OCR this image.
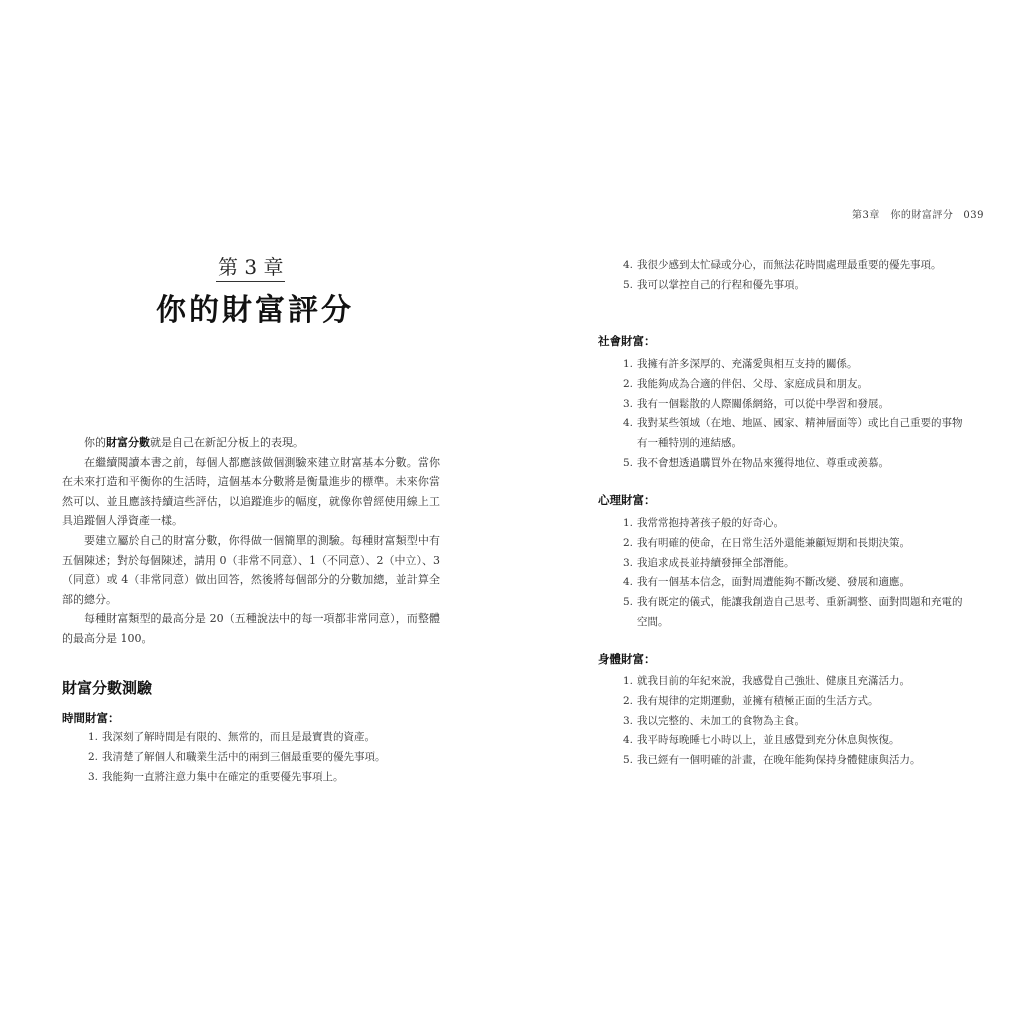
第 3 章
你的財富評分

你的財富分數就是自己在新記分板上的表現。

在繼續閱讀本書之前，每個人都應該做個測驗來建立財富基本分數。當你在未來打造和平衡你的生活時，這個基本分數將是衡量進步的標準。未來你當然可以、並且應該持續這些評估，以追蹤進步的幅度，就像你曾經使用線上工具追蹤個人淨資產一樣。

要建立屬於自己的財富分數，你得做一個簡單的測驗。每種財富類型中有五個陳述；對於每個陳述，請用 0（非常不同意）、1（不同意）、2（中立）、3（同意）或 4（非常同意）做出回答，然後將每個部分的分數加總，並計算全部的總分。

每種財富類型的最高分是 20（五種說法中的每一項都非常同意），而整體的最高分是 100。

財富分數測驗
時間財富：
1. 我深刻了解時間是有限的、無常的，而且是最寶貴的資產。
2. 我清楚了解個人和職業生活中的兩到三個最重要的優先事項。
3. 我能夠一直將注意力集中在確定的重要優先事項上。
第3章　你的財富評分 039
4. 我很少感到太忙碌或分心，而無法花時間處理最重要的優先事項。
5. 我可以掌控自己的行程和優先事項。
社會財富：
1. 我擁有許多深厚的、充滿愛與相互支持的關係。
2. 我能夠成為合適的伴侶、父母、家庭成員和朋友。
3. 我有一個鬆散的人際關係網絡，可以從中學習和發展。
4. 我對某些領域（在地、地區、國家、精神層面等）或比自己重要的事物有一種特別的連結感。
5. 我不會想透過購買外在物品來獲得地位、尊重或羨慕。
心理財富：
1. 我常常抱持著孩子般的好奇心。
2. 我有明確的使命，在日常生活外還能兼顧短期和長期決策。
3. 我追求成長並持續發揮全部潛能。
4. 我有一個基本信念，面對周遭能夠不斷改變、發展和適應。
5. 我有既定的儀式，能讓我創造自己思考、重新調整、面對問題和充電的空間。
身體財富：
1. 就我目前的年紀來說，我感覺自己強壯、健康且充滿活力。
2. 我有規律的定期運動，並擁有積極正面的生活方式。
3. 我以完整的、未加工的食物為主食。
4. 我平時每晚睡七小時以上，並且感覺到充分休息與恢復。
5. 我已經有一個明確的計畫，在晚年能夠保持身體健康與活力。
